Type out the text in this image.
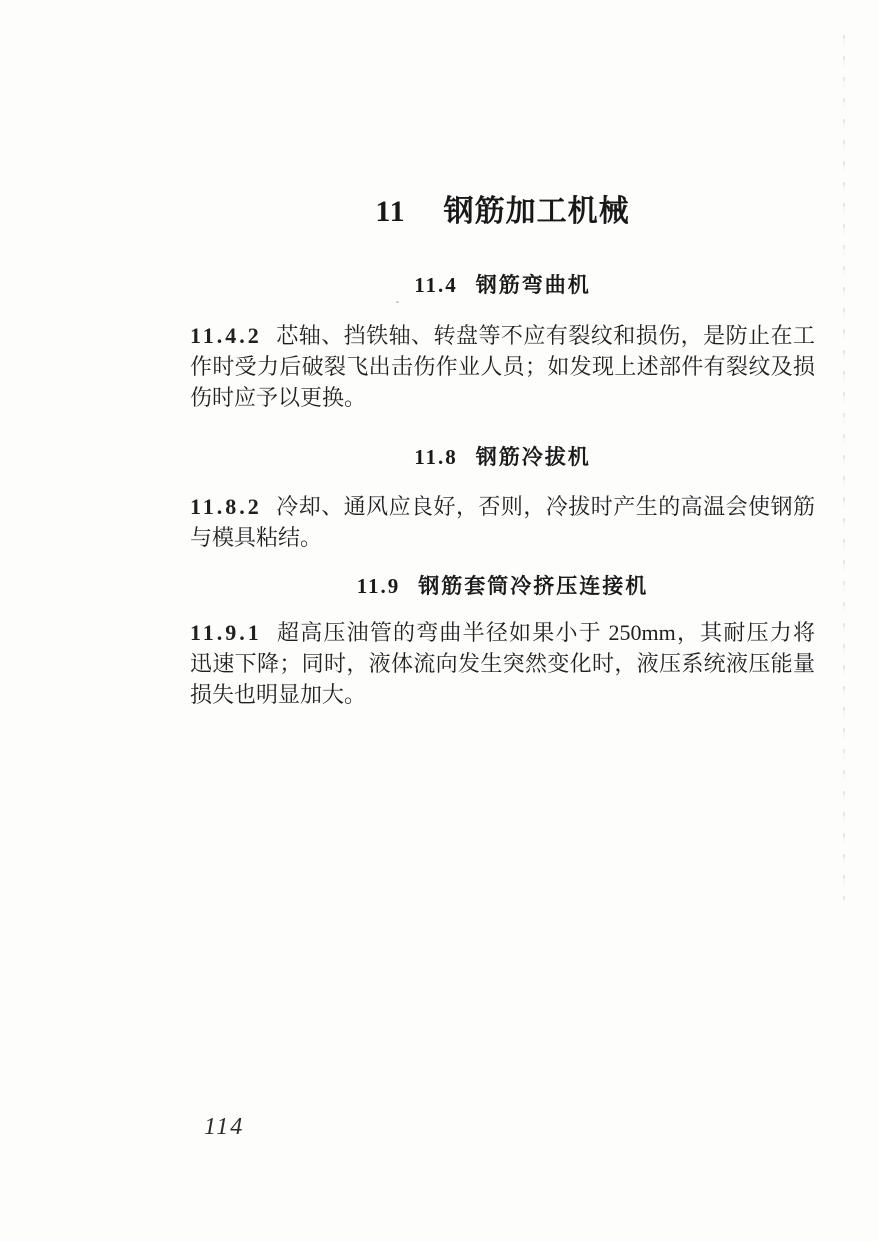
11 钢筋加工机械
11.4 钢筋弯曲机
11.4.2 芯轴、挡铁轴、转盘等不应有裂纹和损伤，是防止在工
作时受力后破裂飞出击伤作业人员；如发现上述部件有裂纹及损
伤时应予以更换。
11.8 钢筋冷拔机
11.8.2 冷却、通风应良好，否则，冷拔时产生的高温会使钢筋
与模具粘结。
11.9 钢筋套筒冷挤压连接机
11.9.1 超高压油管的弯曲半径如果小于 250mm，其耐压力将
迅速下降；同时，液体流向发生突然变化时，液压系统液压能量
损失也明显加大。
114
